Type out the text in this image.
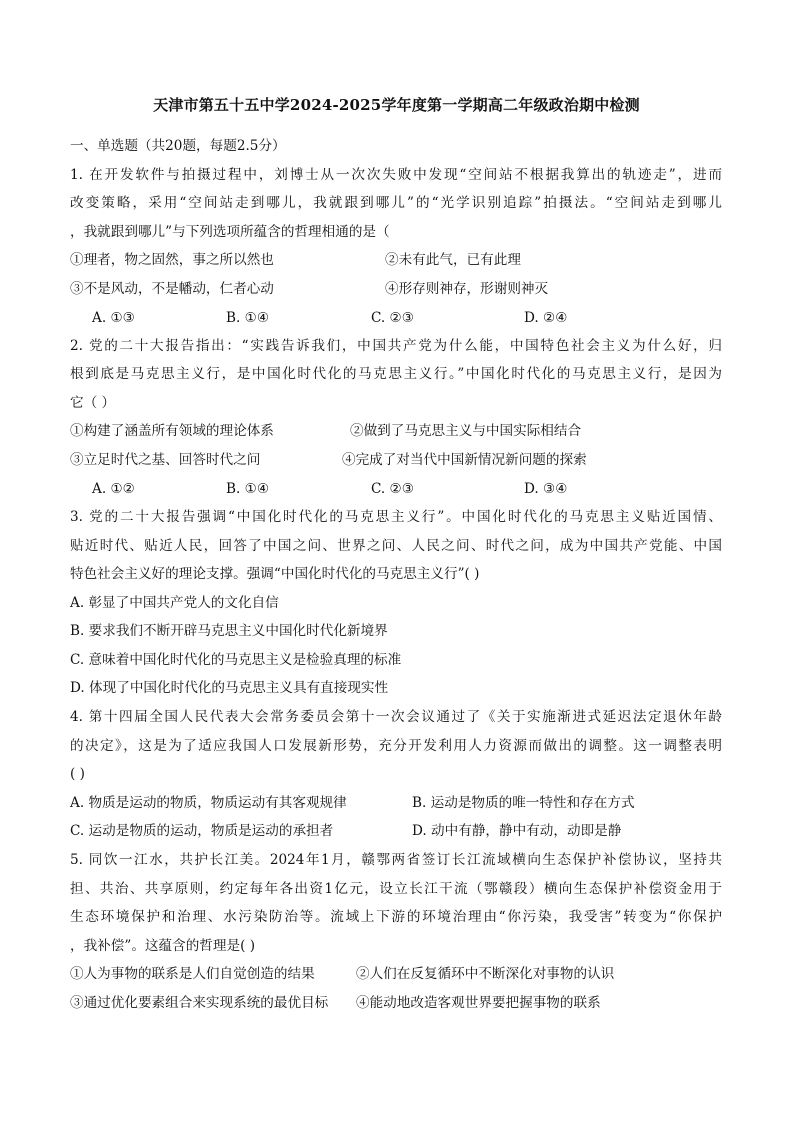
天津市第五十五中学2024-2025学年度第一学期高二年级政治期中检测
一、单选题（共20题，每题2.5分）
1. 在开发软件与拍摄过程中，刘博士从一次次失败中发现“空间站不根据我算出的轨迹走”，进而
改变策略，采用“空间站走到哪儿，我就跟到哪儿”的“光学识别追踪”拍摄法。“空间站走到哪儿
，我就跟到哪儿”与下列选项所蕴含的哲理相通的是（
①理者，物之固然，事之所以然也	②未有此气，已有此理
③不是风动，不是幡动，仁者心动	④形存则神存，形谢则神灭
A. ①③	B. ①④	C. ②③	D. ②④
2. 党的二十大报告指出：“实践告诉我们，中国共产党为什么能，中国特色社会主义为什么好，归
根到底是马克思主义行，是中国化时代化的马克思主义行。”中国化时代化的马克思主义行，是因为
它（ ）
①构建了涵盖所有领域的理论体系	②做到了马克思主义与中国实际相结合
③立足时代之基、回答时代之问	④完成了对当代中国新情况新问题的探索
A. ①②	B. ①④	C. ②③	D. ③④
3. 党的二十大报告强调“中国化时代化的马克思主义行”。中国化时代化的马克思主义贴近国情、
贴近时代、贴近人民，回答了中国之问、世界之问、人民之问、时代之问，成为中国共产党能、中国
特色社会主义好的理论支撑。强调“中国化时代化的马克思主义行”( )
A. 彰显了中国共产党人的文化自信
B. 要求我们不断开辟马克思主义中国化时代化新境界
C. 意味着中国化时代化的马克思主义是检验真理的标准
D. 体现了中国化时代化的马克思主义具有直接现实性
4. 第十四届全国人民代表大会常务委员会第十一次会议通过了《关于实施渐进式延迟法定退休年龄
的决定》，这是为了适应我国人口发展新形势，充分开发利用人力资源而做出的调整。这一调整表明
( )
A. 物质是运动的物质，物质运动有其客观规律	B. 运动是物质的唯一特性和存在方式
C. 运动是物质的运动，物质是运动的承担者	D. 动中有静，静中有动，动即是静
5. 同饮一江水，共护长江美。2024年1月，赣鄂两省签订长江流域横向生态保护补偿协议，坚持共
担、共治、共享原则，约定每年各出资1亿元，设立长江干流（鄂赣段）横向生态保护补偿资金用于
生态环境保护和治理、水污染防治等。流域上下游的环境治理由“你污染，我受害”转变为“你保护
，我补偿”。这蕴含的哲理是( )
①人为事物的联系是人们自觉创造的结果	②人们在反复循环中不断深化对事物的认识
③通过优化要素组合来实现系统的最优目标 ④能动地改造客观世界要把握事物的联系
